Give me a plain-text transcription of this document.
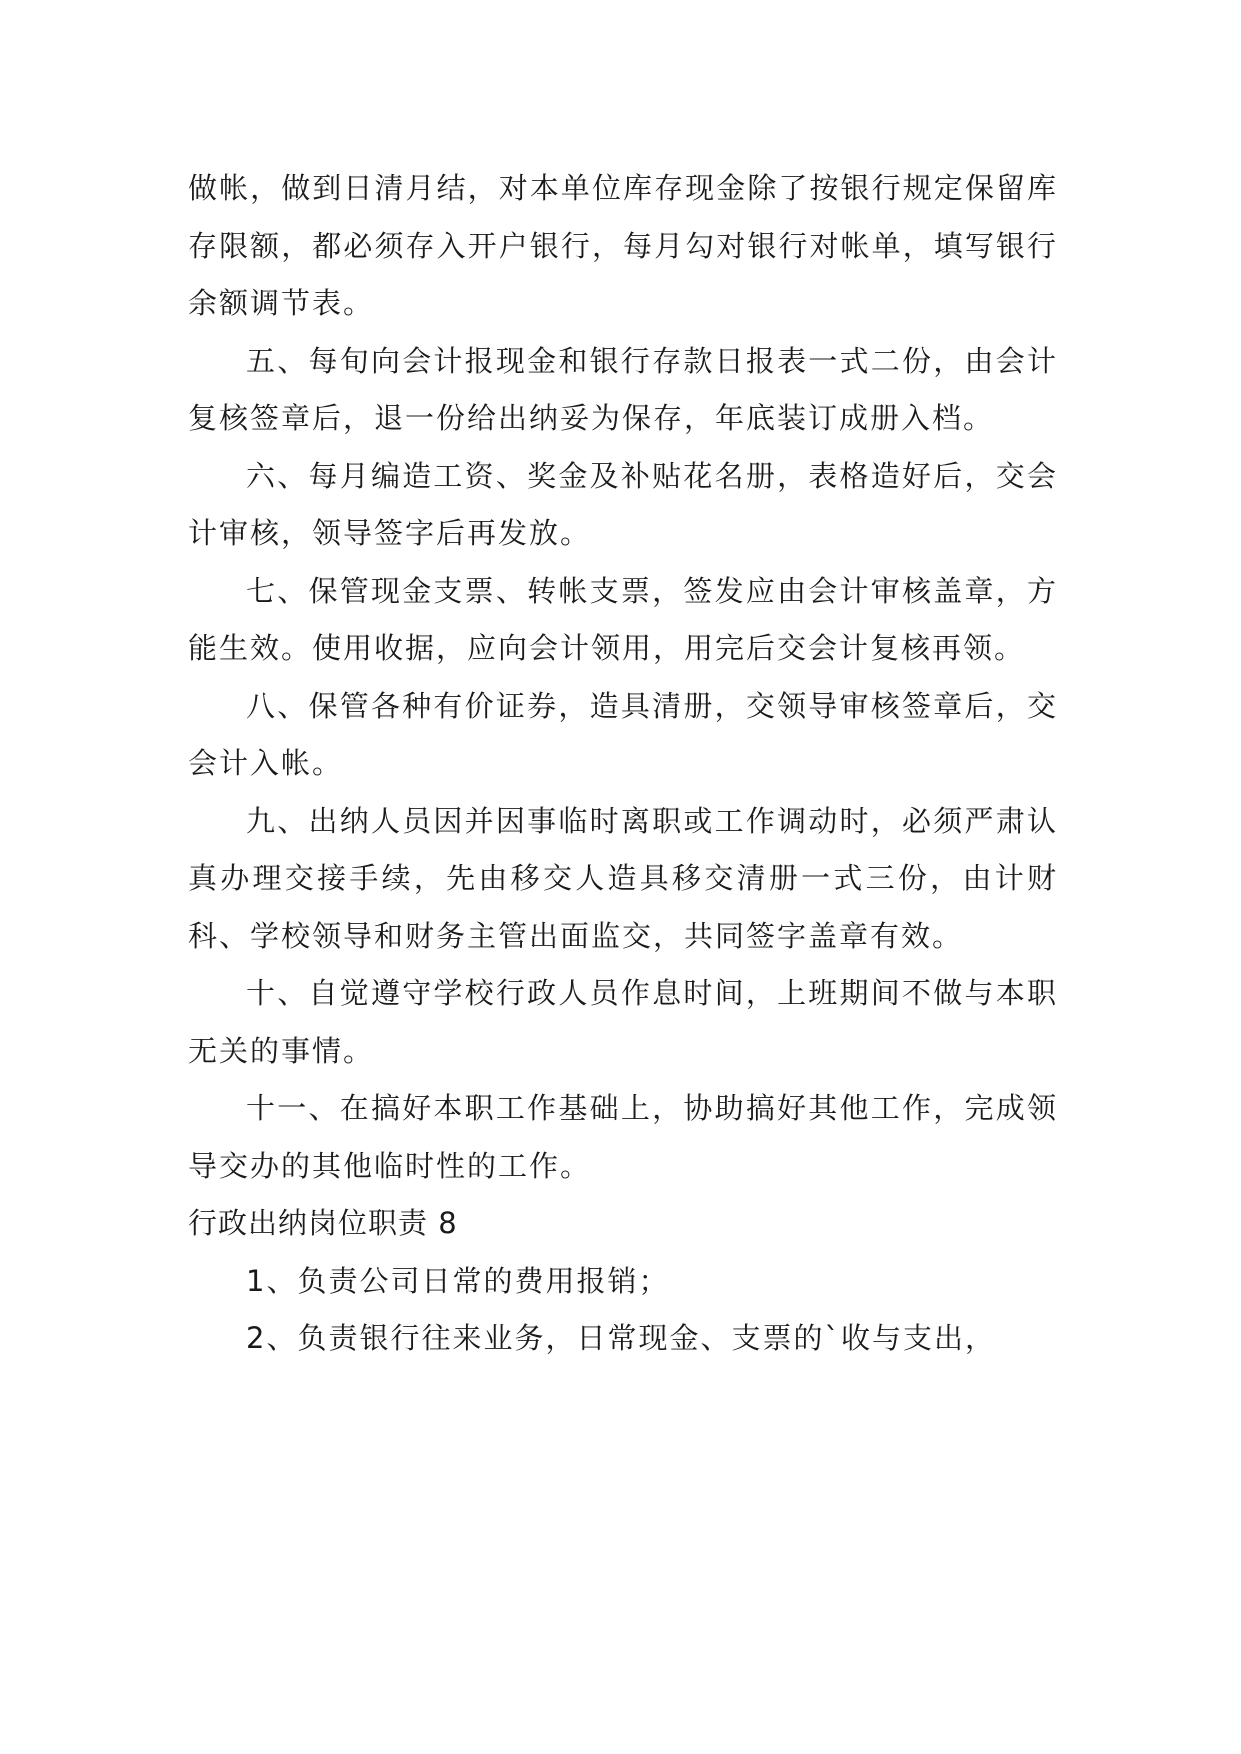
做帐，做到日清月结，对本单位库存现金除了按银行规定保留库存限额，都必须存入开户银行，每月勾对银行对帐单，填写银行余额调节表。

五、每旬向会计报现金和银行存款日报表一式二份，由会计复核签章后，退一份给出纳妥为保存，年底装订成册入档。

六、每月编造工资、奖金及补贴花名册，表格造好后，交会计审核，领导签字后再发放。

七、保管现金支票、转帐支票，签发应由会计审核盖章，方能生效。使用收据，应向会计领用，用完后交会计复核再领。

八、保管各种有价证券，造具清册，交领导审核签章后，交会计入帐。

九、出纳人员因并因事临时离职或工作调动时，必须严肃认真办理交接手续，先由移交人造具移交清册一式三份，由计财科、学校领导和财务主管出面监交，共同签字盖章有效。

十、自觉遵守学校行政人员作息时间，上班期间不做与本职无关的事情。

十一、在搞好本职工作基础上，协助搞好其他工作，完成领导交办的其他临时性的工作。

行政出纳岗位职责 8

1、负责公司日常的费用报销；

2、负责银行往来业务，日常现金、支票的`收与支出，
